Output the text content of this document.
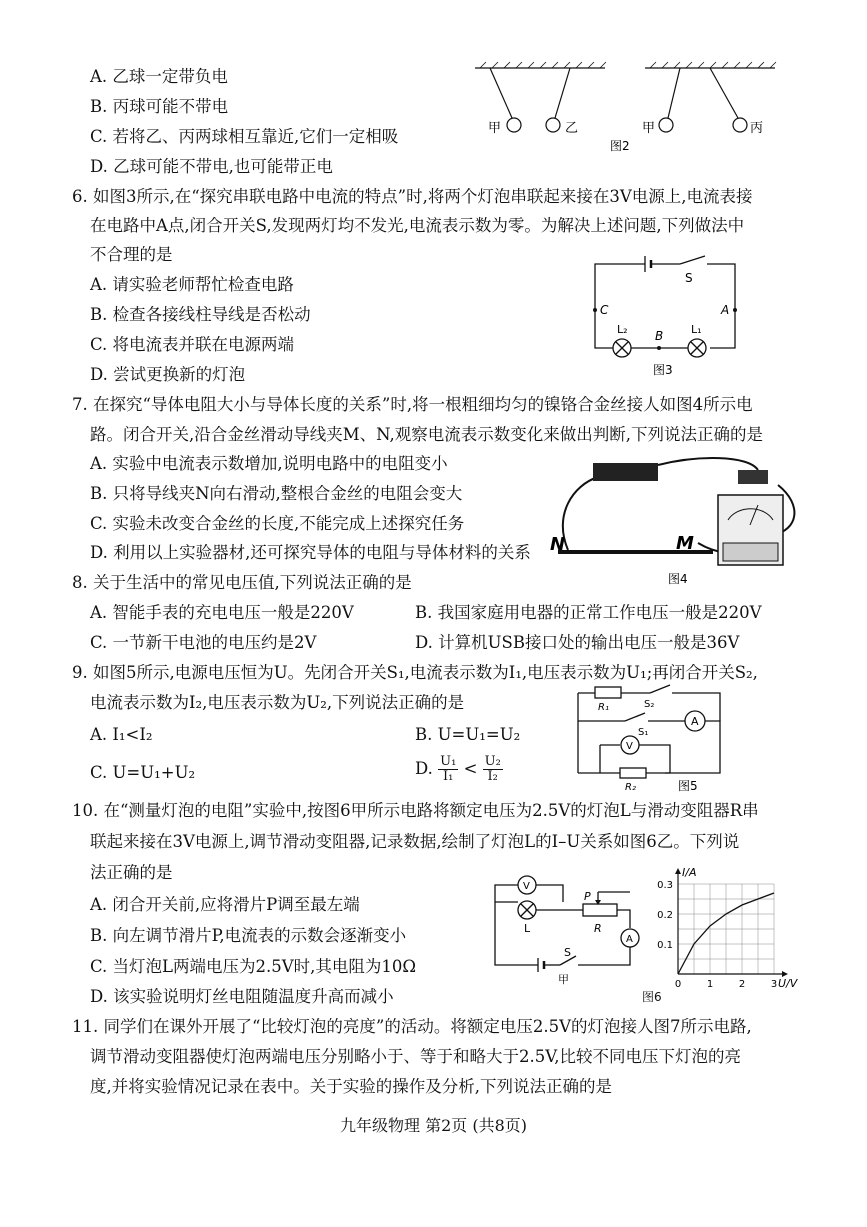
A. 乙球一定带负电
B. 丙球可能不带电
C. 若将乙、丙两球相互靠近,它们一定相吸
D. 乙球可能不带电,也可能带正电
甲	乙	甲	丙
图2
6. 如图3所示,在“探究串联电路中电流的特点”时,将两个灯泡串联起来接在3V电源上,电流表接
在电路中A点,闭合开关S,发现两灯均不发光,电流表示数为零。为解决上述问题,下列做法中
不合理的是
A. 请实验老师帮忙检查电路
B. 检查各接线柱导线是否松动
C. 将电流表并联在电源两端
D. 尝试更换新的灯泡
S
C	A
B
L₂	L₁
图3
7. 在探究“导体电阻大小与导体长度的关系”时,将一根粗细均匀的镍铬合金丝接人如图4所示电
路。闭合开关,沿合金丝滑动导线夹M、N,观察电流表示数变化来做出判断,下列说法正确的是
A. 实验中电流表示数增加,说明电路中的电阻变小
B. 只将导线夹N向右滑动,整根合金丝的电阻会变大
C. 实验未改变合金丝的长度,不能完成上述探究任务
D. 利用以上实验器材,还可探究导体的电阻与导体材料的关系 N	M
图4
8. 关于生活中的常见电压值,下列说法正确的是
A. 智能手表的充电电压一般是220V	B. 我国家庭用电器的正常工作电压一般是220V
C. 一节新干电池的电压约是2V	D. 计算机USB接口处的输出电压一般是36V
9. 如图5所示,电源电压恒为U。先闭合开关S₁,电流表示数为I₁,电压表示数为U₁;再闭合开关S₂,
电流表示数为I₂,电压表示数为U₂,下列说法正确的是
A. I₁<I₂	B. U=U₁=U₂
C. U=U₁+U₂	D. $\frac{\text{U₁}}{\text{I₁}} < \frac{\text{U₂}}{\text{I₂}}$
A
V
R₁	S₂
S₁
R₂	图5
10. 在“测量灯泡的电阻”实验中,按图6甲所示电路将额定电压为2.5V的灯泡L与滑动变阻器R串
联起来接在3V电源上,调节滑动变阻器,记录数据,绘制了灯泡L的I–U关系如图6乙。下列说
法正确的是
A. 闭合开关前,应将滑片P调至最左端
B. 向左调节滑片P,电流表的示数会逐渐变小
C. 当灯泡L两端电压为2.5V时,其电阻为10Ω
D. 该实验说明灯丝电阻随温度升高而减小
V
A
L
P
R
S
甲
0.3
0.2
0.1
0	1	2	3
I/A
U/V
图6
11. 同学们在课外开展了“比较灯泡的亮度”的活动。将额定电压2.5V的灯泡接人图7所示电路,
调节滑动变阻器使灯泡两端电压分别略小于、等于和略大于2.5V,比较不同电压下灯泡的亮
度,并将实验情况记录在表中。关于实验的操作及分析,下列说法正确的是
九年级物理 第2页 (共8页)
